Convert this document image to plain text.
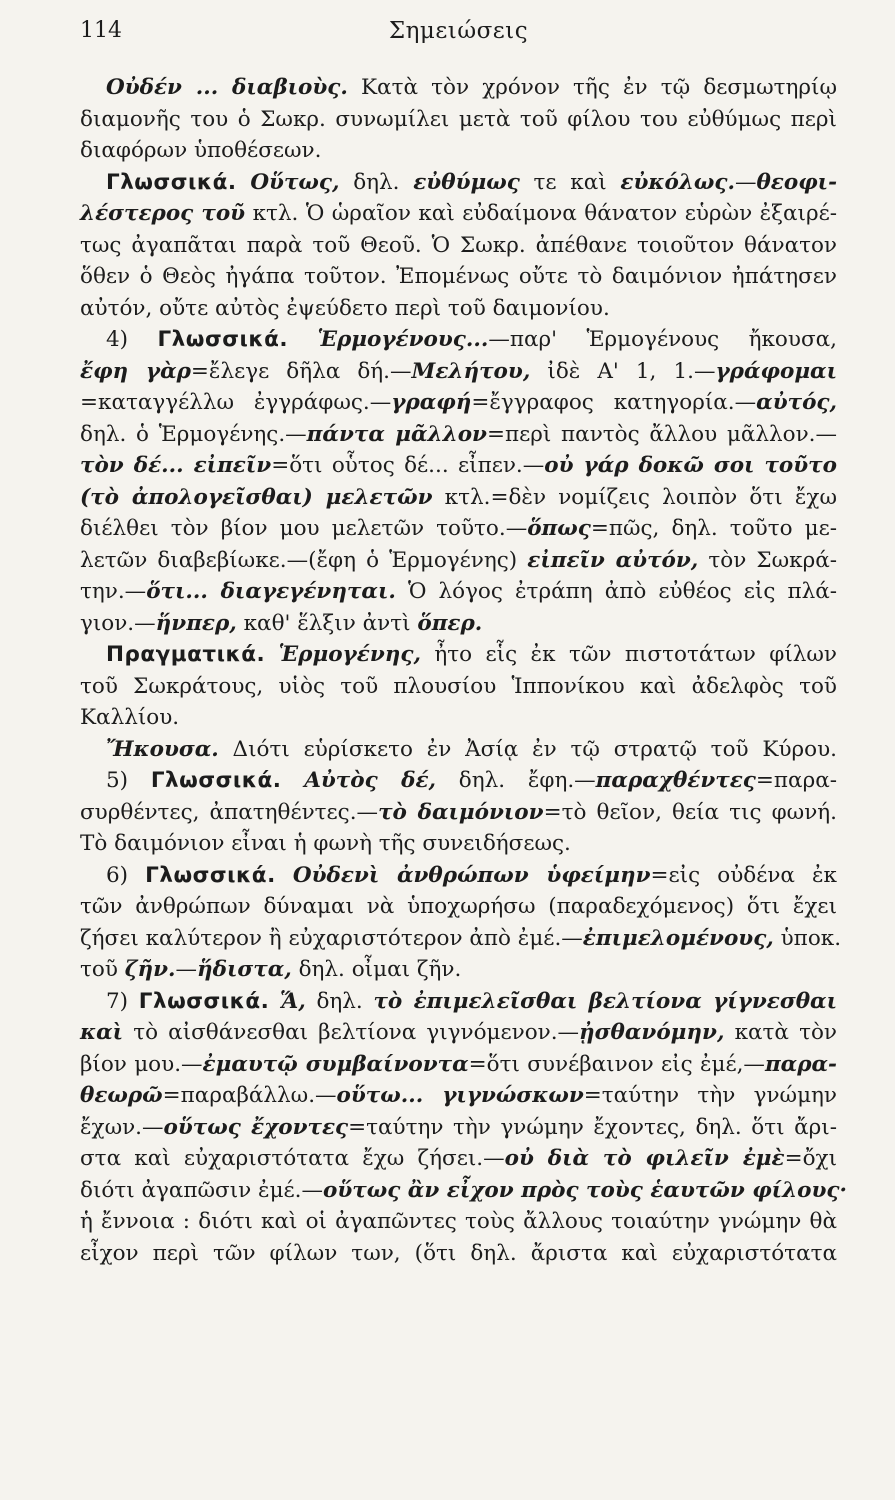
114	Σημειώσεις
Οὐδέν ... διαβιοὺς. Κατὰ τὸν χρόνον τῆς ἐν τῷ δεσμωτηρίῳ
διαμονῆς του ὁ Σωκρ. συνωμίλει μετὰ τοῦ φίλου του εὐθύμως περὶ
διαφόρων ὑποθέσεων.
Γλωσσικά. Οὕτως, δηλ. εὐθύμως τε καὶ εὐκόλως.—θεοφι-
λέστερος τοῦ κτλ. Ὁ ὡραῖον καὶ εὐδαίμονα θάνατον εὑρὼν ἐξαιρέ-
τως ἀγαπᾶται παρὰ τοῦ Θεοῦ. Ὁ Σωκρ. ἀπέθανε τοιοῦτον θάνατον
ὅθεν ὁ Θεὸς ἠγάπα τοῦτον. Ἐπομένως οὔτε τὸ δαιμόνιον ἠπάτησεν
αὐτόν, οὔτε αὐτὸς ἐψεύδετο περὶ τοῦ δαιμονίου.
4) Γλωσσικά. Ἑρμογένους...—παρ' Ἑρμογένους ἤκουσα,
ἔφη γὰρ=ἔλεγε δῆλα δή.—Μελήτου, ἰδὲ Α' 1, 1.—γράφομαι
=καταγγέλλω ἐγγράφως.—γραφή=ἔγγραφος κατηγορία.—αὐτός,
δηλ. ὁ Ἑρμογένης.—πάντα μᾶλλον=περὶ παντὸς ἄλλου μᾶλλον.—
τὸν δέ... εἰπεῖν=ὅτι οὗτος δέ... εἶπεν.—οὐ γάρ δοκῶ σοι τοῦτο
(τὸ ἀπολογεῖσθαι) μελετῶν κτλ.=δὲν νομίζεις λοιπὸν ὅτι ἔχω
διέλθει τὸν βίον μου μελετῶν τοῦτο.—ὅπως=πῶς, δηλ. τοῦτο με-
λετῶν διαβεβίωκε.—(ἔφη ὁ Ἑρμογένης) εἰπεῖν αὐτόν, τὸν Σωκρά-
την.—ὅτι... διαγεγένηται. Ὁ λόγος ἐτράπη ἀπὸ εὐθέος εἰς πλά-
γιον.—ἥνπερ, καθ' ἕλξιν ἀντὶ ὅπερ.
Πραγματικά. Ἑρμογένης, ἦτο εἷς ἐκ τῶν πιστοτάτων φίλων
τοῦ Σωκράτους, υἱὸς τοῦ πλουσίου Ἱππονίκου καὶ ἀδελφὸς τοῦ
Καλλίου.
Ἤκουσα. Διότι εὑρίσκετο ἐν Ἀσίᾳ ἐν τῷ στρατῷ τοῦ Κύρου.
5) Γλωσσικά. Αὐτὸς δέ, δηλ. ἔφη.—παραχθέντες=παρα-
συρθέντες, ἀπατηθέντες.—τὸ δαιμόνιον=τὸ θεῖον, θεία τις φωνή.
Τὸ δαιμόνιον εἶναι ἡ φωνὴ τῆς συνειδήσεως.
6) Γλωσσικά. Οὐδενὶ ἀνθρώπων ὑφείμην=εἰς οὐδένα ἐκ
τῶν ἀνθρώπων δύναμαι νὰ ὑποχωρήσω (παραδεχόμενος) ὅτι ἔχει
ζήσει καλύτερον ἢ εὐχαριστότερον ἀπὸ ἐμέ.—ἐπιμελομένους, ὑποκ.
τοῦ ζῆν.—ἥδιστα, δηλ. οἶμαι ζῆν.
7) Γλωσσικά. Ἅ, δηλ. τὸ ἐπιμελεῖσθαι βελτίονα γίγνεσθαι
καὶ τὸ αἰσθάνεσθαι βελτίονα γιγνόμενον.—ᾐσθανόμην, κατὰ τὸν
βίον μου.—ἐμαυτῷ συμβαίνοντα=ὅτι συνέβαινον εἰς ἐμέ,—παρα-
θεωρῶ=παραβάλλω.—οὕτω... γιγνώσκων=ταύτην τὴν γνώμην
ἔχων.—οὕτως ἔχοντες=ταύτην τὴν γνώμην ἔχοντες, δηλ. ὅτι ἄρι-
στα καὶ εὐχαριστότατα ἔχω ζήσει.—οὐ διὰ τὸ φιλεῖν ἐμὲ=ὄχι
διότι ἀγαπῶσιν ἐμέ.—οὕτως ἂν εἶχον πρὸς τοὺς ἑαυτῶν φίλους·
ἡ ἔννοια : διότι καὶ οἱ ἀγαπῶντες τοὺς ἄλλους τοιαύτην γνώμην θὰ
εἶχον περὶ τῶν φίλων των, (ὅτι δηλ. ἄριστα καὶ εὐχαριστότατα
